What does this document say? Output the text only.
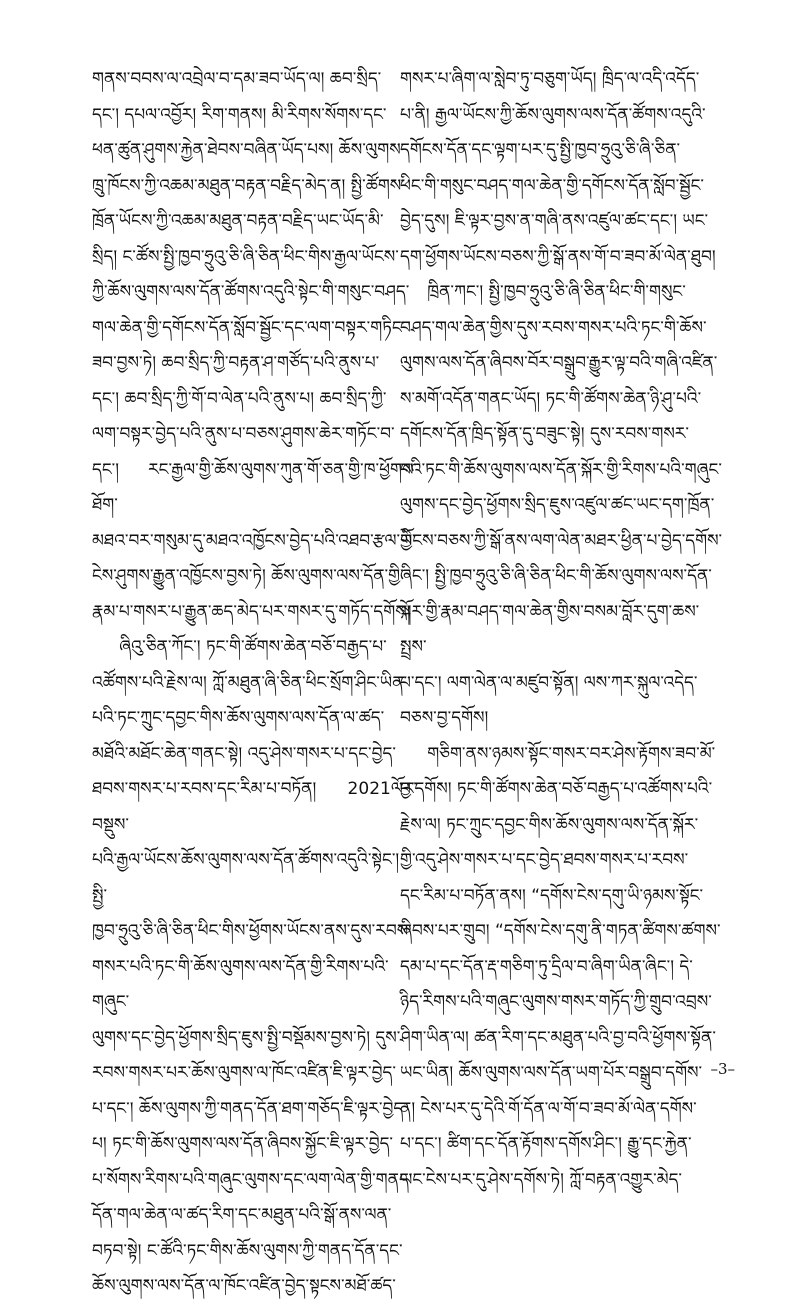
གནས་བབས་ལ་འབྲེལ་བ་དམ་ཟབ་ཡོད་ལ། ཆབ་སྲིད་
དང་། དཔལ་འབྱོར། རིག་གནས། མི་རིགས་སོགས་དང་
ཕན་ཚུན་ཤུགས་རྐྱེན་ཐེབས་བཞིན་ཡོད་པས། ཆོས་ལུགས་
ཁྲུ་ཁོངས་ཀྱི་འཆམ་མཐུན་བརྟན་བརྗིད་མེད་ན། སྤྱི་ཚོགས་
ཁྲོན་ཡོངས་ཀྱི་འཆམ་མཐུན་བརྟན་བརྗིད་ཡང་ཡོད་མི་
སྲིད། ང་ཚོས་སྤྱི་ཁྱབ་ཧྲུའུ་ཅི་ཞི་ཅིན་ཕིང་གིས་རྒྱལ་ཡོངས་
ཀྱི་ཆོས་ལུགས་ལས་དོན་ཚོགས་འདུའི་སྟེང་གི་གསུང་བཤད་
གལ་ཆེན་གྱི་དགོངས་དོན་སློབ་སྦྱོང་དང་ལག་བསྟར་གཏིང་
ཟབ་བྱས་ཏེ། ཆབ་སྲིད་ཀྱི་བརྟན་ཤ་གཙོད་པའི་ནུས་པ་
དང་། ཆབ་སྲིད་ཀྱི་གོ་བ་ལེན་པའི་ནུས་པ། ཆབ་སྲིད་ཀྱི་
ལག་བསྟར་བྱེད་པའི་ནུས་པ་བཅས་ཤུགས་ཆེར་གཏོང་བ་
དང་། རང་རྒྱལ་གྱི་ཆོས་ལུགས་ཀུན་གོ་ཅན་གྱི་ཁ་ཕྱོགས་ཐོག་
མཐའ་བར་གསུམ་དུ་མཐའ་འཁྱོངས་བྱེད་པའི་འཐབ་རྩལ་གྱི་
ངེས་ཤུགས་རྒྱུན་འཁྱོངས་བྱས་ཏེ། ཆོས་ལུགས་ལས་དོན་གྱི་
རྣམ་པ་གསར་པ་རྒྱུན་ཆད་མེད་པར་གསར་དུ་གཏོད་དགོས།

ཞིའུ་ཅིན་ཀོང་། ཏང་གི་ཚོགས་ཆེན་བཅོ་བརྒྱད་པ་
འཚོགས་པའི་རྗེས་ལ། ཀློ་མཐུན་ཞི་ཅིན་ཕིང་སྲོག་ཤིང་ཡིན་
པའི་ཏང་ཀྲུང་དབྱང་གིས་ཆོས་ལུགས་ལས་དོན་ལ་ཚད་
མཐོའི་མཐོང་ཆེན་གནང་སྟེ། འདུ་ཤེས་གསར་པ་དང་བྱེད་
ཐབས་གསར་པ་རབས་དང་རིམ་པ་བཏོན། 2021ལོར་བསྡུས་
པའི་རྒྱལ་ཡོངས་ཆོས་ལུགས་ལས་དོན་ཚོགས་འདུའི་སྟེང་། སྤྱི་
ཁྱབ་ཧྲུའུ་ཅི་ཞི་ཅིན་ཕིང་གིས་ཕྱོགས་ཡོངས་ནས་དུས་རབས་
གསར་པའི་ཏང་གི་ཆོས་ལུགས་ལས་དོན་གྱི་རིགས་པའི་གཞུང་
ལུགས་དང་བྱེད་ཕྱོགས་སྲིད་ཇུས་སྤྱི་བསྡོམས་བྱས་ཏེ། དུས་
རབས་གསར་པར་ཆོས་ལུགས་ལ་ཁོང་འཛིན་ཇི་ལྟར་བྱེད་
པ་དང་། ཆོས་ལུགས་ཀྱི་གནད་དོན་ཐག་གཅོད་ཇི་ལྟར་བྱེད་
པ། ཏང་གི་ཆོས་ལུགས་ལས་དོན་ཞིབས་སྐྱོང་ཇི་ལྟར་བྱེད་
པ་སོགས་རིགས་པའི་གཞུང་ལུགས་དང་ལག་ལེན་གྱི་གནད་
དོན་གལ་ཆེན་ལ་ཚད་རིག་དང་མཐུན་པའི་སྒོ་ནས་ལན་
བཏབ་སྟེ། ང་ཚོའི་ཏང་གིས་ཆོས་ལུགས་ཀྱི་གནད་དོན་དང་
ཆོས་ལུགས་ལས་དོན་ལ་ཁོང་འཛིན་བྱེད་སྟངས་མཐོ་ཚད་

གསར་པ་ཞིག་ལ་སླེབ་ཏུ་བཅུག་ཡོད། ཁྲིད་ལ་འདི་འདོད་
པ་ནི། རྒྱལ་ཡོངས་ཀྱི་ཆོས་ལུགས་ལས་དོན་ཚོགས་འདུའི་
དགོངས་དོན་དང་ལྟག་པར་དུ་སྤྱི་ཁྱབ་ཧྲུའུ་ཅི་ཞི་ཅིན་
ཕིང་གི་གསུང་བཤད་གལ་ཆེན་གྱི་དགོངས་དོན་སློབ་སྦྱོང་
བྱེད་དུས། ཇི་ལྟར་བྱས་ན་གཞི་ནས་འཛུལ་ཚང་དང་། ཡང་
དག་ཕྱོགས་ཡོངས་བཅས་ཀྱི་སྒོ་ནས་གོ་བ་ཟབ་མོ་ལེན་ཐུབ།

ཁྲིན་ཀང་། སྤྱི་ཁྱབ་ཧྲུའུ་ཅི་ཞི་ཅིན་ཕིང་གི་གསུང་
བཤད་གལ་ཆེན་གྱིས་དུས་རབས་གསར་པའི་ཏང་གི་ཆོས་
ལུགས་ལས་དོན་ཞིབས་བོར་བསྒྲུབ་རྒྱུར་ལྟ་བའི་གཞི་འཛིན་
ས་མགོ་འདོན་གནང་ཡོད། ཏང་གི་ཚོགས་ཆེན་ཉི་ཤུ་པའི་
དགོངས་དོན་ཁྲིད་སྟོན་དུ་བཟུང་སྟེ། དུས་རབས་གསར་
པའི་ཏང་གི་ཆོས་ལུགས་ལས་དོན་སྐོར་གྱི་རིགས་པའི་གཞུང་
ལུགས་དང་བྱེད་ཕྱོགས་སྲིད་ཇུས་འཛུལ་ཚང་ཡང་དག་ཁྲོན་
ཡོངས་བཅས་ཀྱི་སྒོ་ནས་ལག་ལེན་མཐར་ཕྱིན་པ་བྱེད་དགོས་
ཞིང་། སྤྱི་ཁྱབ་ཧྲུའུ་ཅི་ཞི་ཅིན་ཕིང་གི་ཆོས་ལུགས་ལས་དོན་
སྐོར་གྱི་རྣམ་བཤད་གལ་ཆེན་གྱིས་བསམ་བློར་དུག་ཆས་སྤྲས་
པ་དང་། ལག་ལེན་ལ་མཛུབ་སྟོན། ལས་ཀར་སྐུལ་འདེད་
བཅས་བྱ་དགོས།

གཅིག་ནས་ཉམས་སྟོང་གསར་བར་ཤེས་རྟོགས་ཟབ་མོ་
བྱ་དགོས། ཏང་གི་ཚོགས་ཆེན་བཅོ་བརྒྱད་པ་འཚོགས་པའི་
རྗེས་ལ། ཏང་ཀྲུང་དབྱང་གིས་ཆོས་ལུགས་ལས་དོན་སྐོར་
གྱི་འདུ་ཤེས་གསར་པ་དང་བྱེད་ཐབས་གསར་པ་རབས་
དང་རིམ་པ་བཏོན་ནས། “དགོས་ངེས་དགུ་ཡི་ཉམས་སྟོང་
ཞིབས་པར་གྲུབ། “དགོས་ངེས་དགུ་ནི་གཏན་ཚིགས་ཚགས་
དམ་པ་དང་དོན་རྡ་གཅིག་ཏུ་དྲིལ་བ་ཞིག་ཡིན་ཞིང་། དེ་
ཉིད་རིགས་པའི་གཞུང་ལུགས་གསར་གཏོད་ཀྱི་གྲུབ་འབྲས་
ཤིག་ཡིན་ལ། ཚན་རིག་དང་མཐུན་པའི་བྱ་བའི་ཕྱོགས་སྟོན་
ཡང་ཡིན། ཆོས་ལུགས་ལས་དོན་ཡག་པོར་བསྒྲུབ་དགོས་
ན། ངེས་པར་དུ་དེའི་གོ་དོན་ལ་གོ་བ་ཟབ་མོ་ལེན་དགོས་
པ་དང་། ཚིག་དང་དོན་རྟོགས་དགོས་ཤིང་། རྒྱུ་དང་རྐྱེན་
ཡང་ངེས་པར་དུ་ཤེས་དགོས་ཏེ། ཀློ་བརྟན་འགྱུར་མེད་

–3–
